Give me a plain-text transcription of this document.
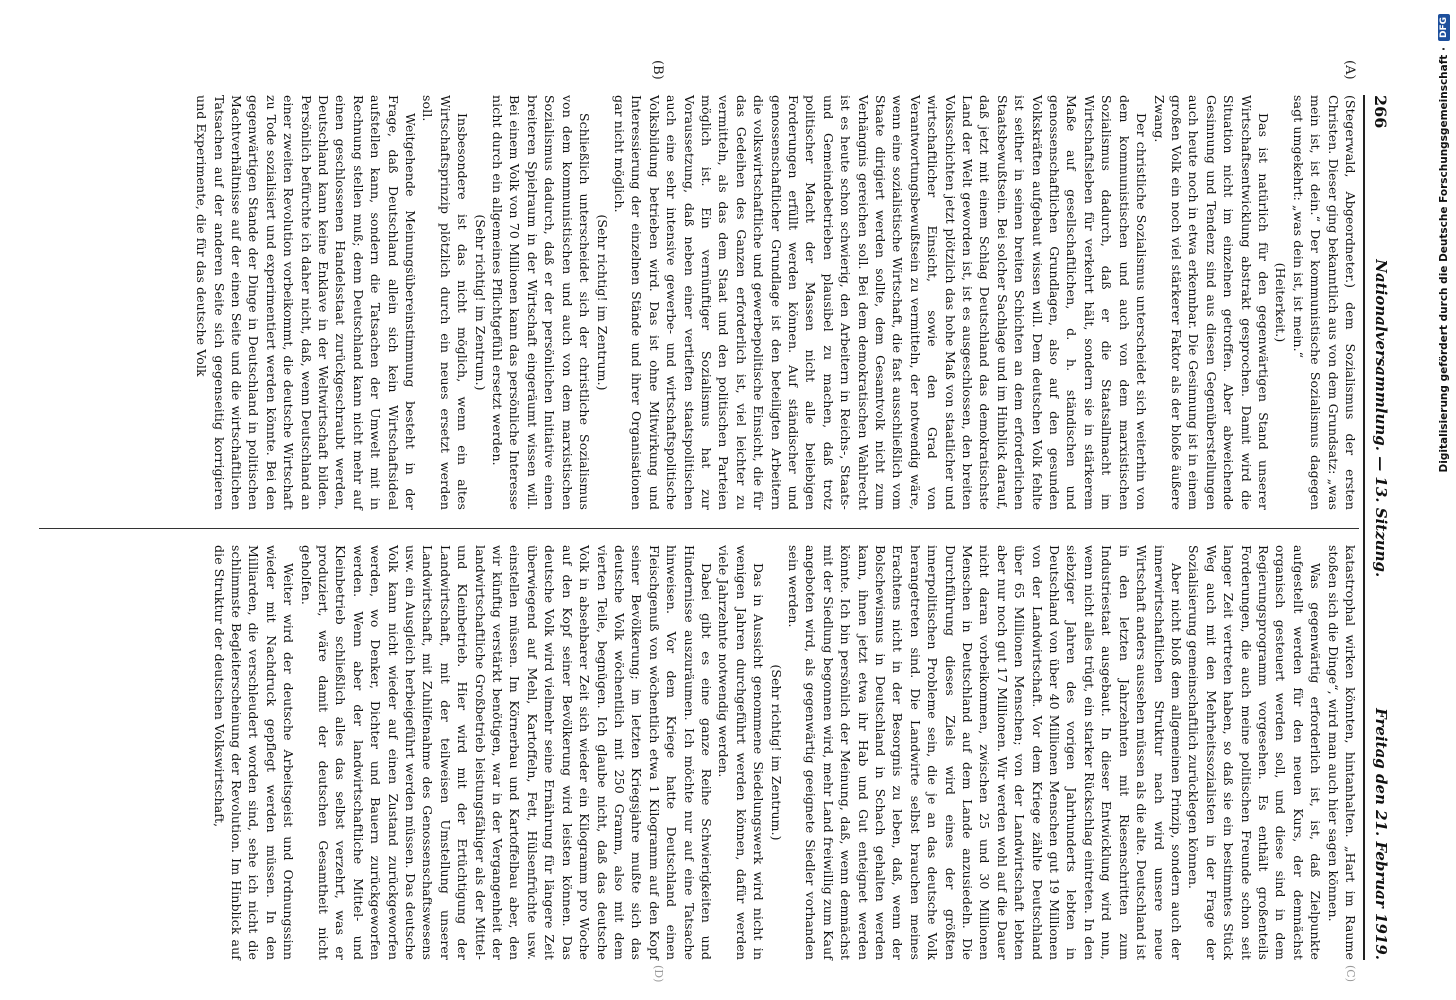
266
Nationalversammlung. — 13. Sitzung.
Freitag den 21. Februar 1919.
(A)
(B)
(C)
(D)

(Stegerwald, Abgeordneter.) dem Sozialismus der ersten Christen. Dieser ging bekanntlich aus von dem Grundsatz: „was mein ist, ist dein.“ Der kommunistische Sozialismus dagegen sagt umgekehrt: „was dein ist, ist mein.“

(Heiterkeit.)

Das ist natürlich für den gegenwärtigen Stand unserer Wirtschaftsentwicklung abstrakt gesprochen. Damit wird die Situation nicht im einzelnen getroffen. Aber abweichende Gesinnung und Tendenz sind aus diesen Gegenüberstellungen auch heute noch in etwa erkennbar. Die Gesinnung ist in einem großen Volk ein noch viel stärkerer Faktor als der bloße äußere Zwang.

Der christliche Sozialismus unterscheidet sich weiterhin von dem kommunistischen und auch von dem marxistischen Sozialismus dadurch, daß er die Staatsallmacht im Wirtschaftsleben für verkehrt hält, sondern sie in stärkerem Maße auf gesellschaftlichen, d. h. ständischen und genossenschaftlichen Grundlagen, also auf den gesunden Volkskräften aufgebaut wissen will. Dem deutschen Volk fehlte ist seither in seinen breiten Schichten an dem erforderlichen Staatsbewußtsein. Bei solcher Sachlage und im Hinblick darauf, daß jetzt mit einem Schlag Deutschland das demokratischste Land der Welt geworden ist, ist es ausgeschlossen, den breiten Volksschichten jetzt plötzlich das hohe Maß von staatlicher und wirtschaftlicher Einsicht, sowie den Grad von Verantwortungsbewußtsein zu vermitteln, der notwendig wäre, wenn eine sozialistische Wirtschaft, die fast ausschließlich vom Staate dirigiert werden sollte, dem Gesamtvolk nicht zum Verhängnis gereichen soll. Bei dem demokratischen Wahlrecht ist es heute schon schwierig, den Arbeitern in Reichs-, Staats- und Gemeindebetrieben plausibel zu machen, daß trotz politischer Macht der Massen nicht alle beliebigen Forderungen erfüllt werden können. Auf ständischer und genossenschaftlicher Grundlage ist den beteiligten Arbeitern die volkswirtschaftliche und gewerbepolitische Einsicht, die für das Gedeihen des Ganzen erforderlich ist, viel leichter zu vermitteln, als das dem Staat und den politischen Parteien möglich ist. Ein vernünftiger Sozialismus hat zur Voraussetzung, daß neben einer vertieften staatspolitischen auch eine sehr intensive gewerbe- und wirtschaftspolitische Volksbildung betrieben wird. Das ist ohne Mitwirkung und Interessierung der einzelnen Stände und ihrer Organisationen gar nicht möglich.

(Sehr richtig! im Zentrum.)

Schließlich unterscheidet sich der christliche Sozialismus von dem kommunistischen und auch von dem marxistischen Sozialismus dadurch, daß er der persönlichen Initiative einen breiteren Spielraum in der Wirtschaft eingeräumt wissen will. Bei einem Volk von 70 Millionen kann das persönliche Interesse nicht durch ein allgemeines Pflichtgefühl ersetzt werden.

(Sehr richtig! im Zentrum.)

Insbesondere ist das nicht möglich, wenn ein altes Wirtschaftsprinzip plötzlich durch ein neues ersetzt werden soll.

Weitgehende Meinungsübereinstimmung besteht in der Frage, daß Deutschland allein sich kein Wirtschaftsideal aufstellen kann, sondern die Tatsachen der Umwelt mit in Rechnung stellen muß; denn Deutschland kann nicht mehr auf einen geschlossenen Handelsstaat zurückgeschraubt werden, Deutschland kann keine Enklave in der Weltwirtschaft bilden. Persönlich befürchte ich daher nicht, daß, wenn Deutschland an einer zweiten Revolution vorbeikommt, die deutsche Wirtschaft zu Tode sozialisiert und experimentiert werden könnte. Bei den gegenwärtigen Stande der Dinge in Deutschland in politischen Machtverhältnisse auf der einen Seite und die wirtschaftlichen Tatsachen auf der anderen Seite sich gegenseitig korrigieren und Experimente, die für das deutsche Volk

katastrophal wirken könnten, hintanhalten. „Hart im Raume stoßen sich die Dinge“, wird man auch hier sagen können.

Was gegenwärtig erforderlich ist, ist, daß Zielpunkte aufgestellt werden für den neuen Kurs, der demnächst organisch gesteuert werden soll, und diese sind in dem Regierungsprogramm vorgesehen. Es enthält großenteils Forderungen, die auch meine politischen Freunde schon seit langer Zeit vertreten haben, so daß sie ein bestimmtes Stück Weg auch mit den Mehrheitssozialisten in der Frage der Sozialisierung gemeinschaftlich zurücklegen können.

Aber nicht bloß dem allgemeinen Prinzip, sondern auch der innerwirtschaftlichen Struktur nach wird unsere neue Wirtschaft anders aussehen müssen als die alte. Deutschland ist in den letzten Jahrzehnten mit Riesenschritten zum Industriestaat ausgebaut. In dieser Entwicklung wird nun, wenn nicht alles trügt, ein starker Rückschlag eintreten. In den siebziger Jahren des vorigen Jahrhunderts lebten in Deutschland von über 40 Millionen Menschen gut 19 Millionen von der Landwirtschaft. Vor dem Kriege zählte Deutschland über 65 Millionen Menschen; von der Landwirtschaft lebten aber nur noch gut 17 Millionen. Wir werden wohl auf die Dauer nicht daran vorbeikommen, zwischen 25 und 30 Millionen Menschen in Deutschland auf dem Lande anzusiedeln. Die Durchführung dieses Ziels wird eines der größten innerpolitischen Probleme sein, die je an das deutsche Volk herangetreten sind. Die Landwirte selbst brauchen meines Erachtens nicht in der Besorgnis zu leben, daß, wenn der Bolschewismus in Deutschland in Schach gehalten werden kann, ihnen jetzt etwa ihr Hab und Gut enteignet werden könnte. Ich bin persönlich der Meinung, daß, wenn demnächst mit der Siedlung begonnen wird, mehr Land freiwillig zum Kauf angeboten wird, als gegenwärtig geeignete Siedler vorhanden sein werden.

(Sehr richtig! im Zentrum.)

Das in Aussicht genommene Siedelungswerk wird nicht in wenigen Jahren durchgeführt werden können, dafür werden viele Jahrzehnte notwendig werden.

Dabei gibt es eine ganze Reihe Schwierigkeiten und Hindernisse auszuräumen. Ich möchte nur auf eine Tatsache hinweisen. Vor dem Kriege hatte Deutschland einen Fleischgenuß von wöchentlich etwa 1 Kilogramm auf den Kopf seiner Bevölkerung; im letzten Kriegsjahre mußte sich das deutsche Volk wöchentlich mit 250 Gramm, also mit dem vierten Teile, begnügen. Ich glaube nicht, daß das deutsche Volk in absehbarer Zeit sich wieder ein Kilogramm pro Woche auf den Kopf seiner Bevölkerung wird leisten können. Das deutsche Volk wird vielmehr seine Ernährung für längere Zeit überwiegend auf Mehl, Kartoffeln, Fett, Hülsenfrüchte usw. einstellen müssen. Im Körnerbau und Kartoffelbau aber, den wir künftig verstärkt benötigen, war in der Vergangenheit der landwirtschaftliche Großbetrieb leistungsfähiger als der Mittel- und Kleinbetrieb. Hier wird mit der Ertüchtigung der Landwirtschaft, mit der teilweisen Umstellung unserer Landwirtschaft, mit Zuhilfenahme des Genossenschaftswesens usw. ein Ausgleich herbeigeführt werden müssen. Das deutsche Volk kann nicht wieder auf einen Zustand zurückgeworfen werden, wo Denker, Dichter und Bauern zurückgeworfen werden. Wenn aber der landwirtschaftliche Mittel- und Kleinbetrieb schließlich alles das selbst verzehrt, was er produziert, wäre damit der deutschen Gesamtheit nicht geholfen.

Weiter wird der deutsche Arbeitsgeist und Ordnungssinn wieder mit Nachdruck gepflegt werden müssen. In den Milliarden, die verschleudert worden sind, sehe ich nicht die schlimmste Begleiterscheinung der Revolution. Im Hinblick auf die Struktur der deutschen Volkswirtschaft,

Digitalisierung gefördert durch die Deutsche Forschungsgemeinschaft ·
DFG
